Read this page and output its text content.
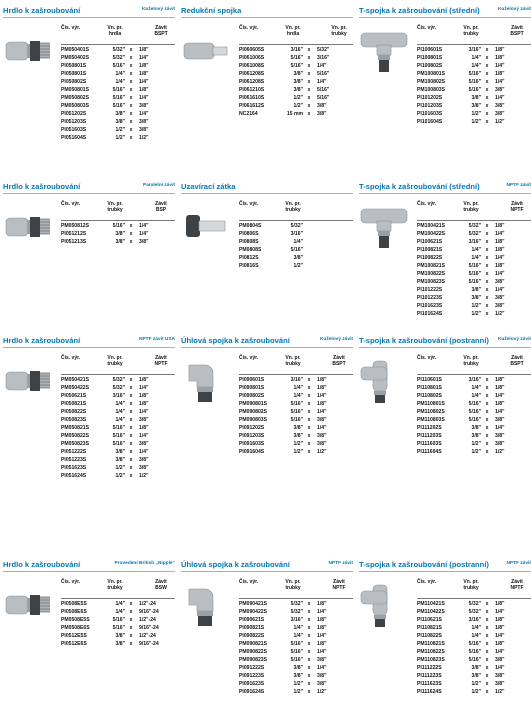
Hrdlo k zašroubování	Kuželový závit
Čís. výr.	Vn. pr.
hrdla
Závit
BSPT
PM050401S	5/32" x	1/8"
PM050402S	5/32" x	1/4"
PI050801S	5/16" x	1/8"
PI050801S	1/4" x	1/8"
PI050802S	1/4" x	1/4"
PM050801S	5/16" x	1/8"
PM050802S	5/16" x	1/4"
PM050803S	5/16" x	3/8"
PI051202S	3/8" x	1/4"
PI051203S	3/8" x	3/8"
PI051603S	1/2" x	3/8"
PI051604S	1/2" x	1/2"
Redukční spojka
Čís. výr.	Vn. pr.
hrdla
Vn. pr.
trubky
PI060605S	3/16" x	5/32"
PI061006S	5/16" x	3/16"
PI061008S	5/16" x	1/4"
PI061208S	3/8" x	5/16"
PI061208S	3/8" x	1/4"
PI061210S	3/8" x	5/16"
PI061610S	1/2" x	5/16"
PI061612S	1/2" x	3/8"
NC2164	15 mm x	3/8"
T-spojka k zašroubování (střední)	Kuželový závit
Čís. výr.	Vn. pr.
trubky
Závit
BSPT
PI100601S	3/16" x	1/8"
PI100801S	1/4" x	1/8"
PI100802S	1/4" x	1/4"
PM100801S	5/16" x	1/8"
PM100802S	5/16" x	1/4"
PM100803S	5/16" x	3/8"
PI101202S	3/8" x	1/4"
PI101203S	3/8" x	3/8"
PI101603S	1/2" x	3/8"
PI101604S	1/2" x	1/2"
Hrdlo k zašroubování	Paralelní závit
Čís. výr.	Vn. pr.
trubky
Závit
BSP
PM050812S	5/16" x	1/4"
PI051212S	3/8" x	1/4"
PI051213S	3/8" x	3/8"
Uzavírací zátka
Čís. výr.	Vn. pr.
trubky
PM0804S	5/32"
PI0806S	3/16"
PI0808S	1/4"
PM0808S	5/16"
PI0812S	3/8"
PI0816S	1/2"
T-spojka k zašroubování (střední)	NPTF závit
Čís. výr.	Vn. pr.
trubky
Závit
NPTF
PM100421S	5/32" x	1/8"
PM100422S	5/32" x	1/4"
PI100621S	3/16" x	1/8"
PI100821S	1/4" x	1/8"
PI100822S	1/4" x	1/4"
PM100821S	5/16" x	1/8"
PM100822S	5/16" x	1/4"
PM100823S	5/16" x	3/8"
PI101222S	3/8" x	1/4"
PI101223S	3/8" x	3/8"
PI101623S	1/2" x	3/8"
PI101624S	1/2" x	1/2"
Hrdlo k zašroubování	NPTF závit USA
Čís. výr.	Vn. pr.
trubky
Závit
NPTF
PM050421S	5/32" x	1/8"
PM050422S	5/32" x	1/4"
PI050621S	3/16" x	1/8"
PI050821S	1/4" x	1/8"
PI050822S	1/4" x	1/4"
PI050823S	1/4" x	3/8"
PM050821S	5/16" x	1/8"
PM050822S	5/16" x	1/4"
PM050823S	5/16" x	3/8"
PI051222S	3/8" x	1/4"
PI051223S	3/8" x	3/8"
PI051623S	1/2" x	3/8"
PI051624S	1/2" x	1/2"
Úhlová spojka k zašroubování	Kuželový závit
Čís. výr.	Vn. pr.
trubky
Závit
BSPT
PI090601S	3/16" x	1/8"
PI090801S	1/4" x	1/8"
PI090802S	1/4" x	1/4"
PM090801S	5/16" x	1/8"
PM090802S	5/16" x	1/4"
PM090803S	5/16" x	3/8"
PI091202S	3/8" x	1/4"
PI091203S	3/8" x	3/8"
PI091603S	1/2" x	3/8"
PI091604S	1/2" x	1/2"
T-spojka k zašroubování (postranní)	Kuželový závit
Čís. výr.	Vn. pr.
trubky
Závit
BSPT
PI110601S	3/16" x	1/8"
PI110801S	1/4" x	1/8"
PI110802S	1/4" x	1/4"
PM110801S	5/16" x	1/8"
PM110802S	5/16" x	1/4"
PM110803S	5/16" x	3/8"
PI111202S	3/8" x	1/4"
PI111203S	3/8" x	3/8"
PI111603S	1/2" x	3/8"
PI111604S	1/2" x	1/2"
Hrdlo k zašroubování	Provedení British „Nipple“
Čís. výr.	Vn. pr.
trubky
Závit
BSW
PI0508E5S	1/4" x	1/2"-24
PI0508E6S	1/4" x	9/16"-24
PM0508E5S	5/16" x	1/2"-24
PM0508E6S	5/16" x	9/16"-24
PI0512E5S	3/8" x	1/2"-24
PI0512E6S	3/8" x	9/16"-24
Úhlová spojka k zašroubování	NPTF závit
Čís. výr.	Vn. pr.
trubky
Závit
NPTF
PM090421S	5/32" x	1/8"
PM090422S	5/32" x	1/4"
PI090621S	3/16" x	1/8"
PI090821S	1/4" x	1/8"
PI090822S	1/4" x	1/4"
PM090821S	5/16" x	1/8"
PM090822S	5/16" x	1/4"
PM090823S	5/16" x	3/8"
PI091222S	3/8" x	1/4"
PI091223S	3/8" x	3/8"
PI091623S	1/2" x	3/8"
PI091624S	1/2" x	1/2"
T-spojka k zašroubování (postranní)	NPTF závit
Čís. výr.	Vn. pr.
trubky
Závit
NPTF
PM110421S	5/32" x	1/8"
PM110422S	5/32" x	1/4"
PI110621S	3/16" x	1/8"
PI110821S	1/4" x	1/8"
PI110822S	1/4" x	1/4"
PM110821S	5/16" x	1/8"
PM110822S	5/16" x	1/4"
PM110823S	5/16" x	3/8"
PI111222S	3/8" x	1/4"
PI111223S	3/8" x	3/8"
PI111623S	1/2" x	3/8"
PI111624S	1/2" x	1/2"
